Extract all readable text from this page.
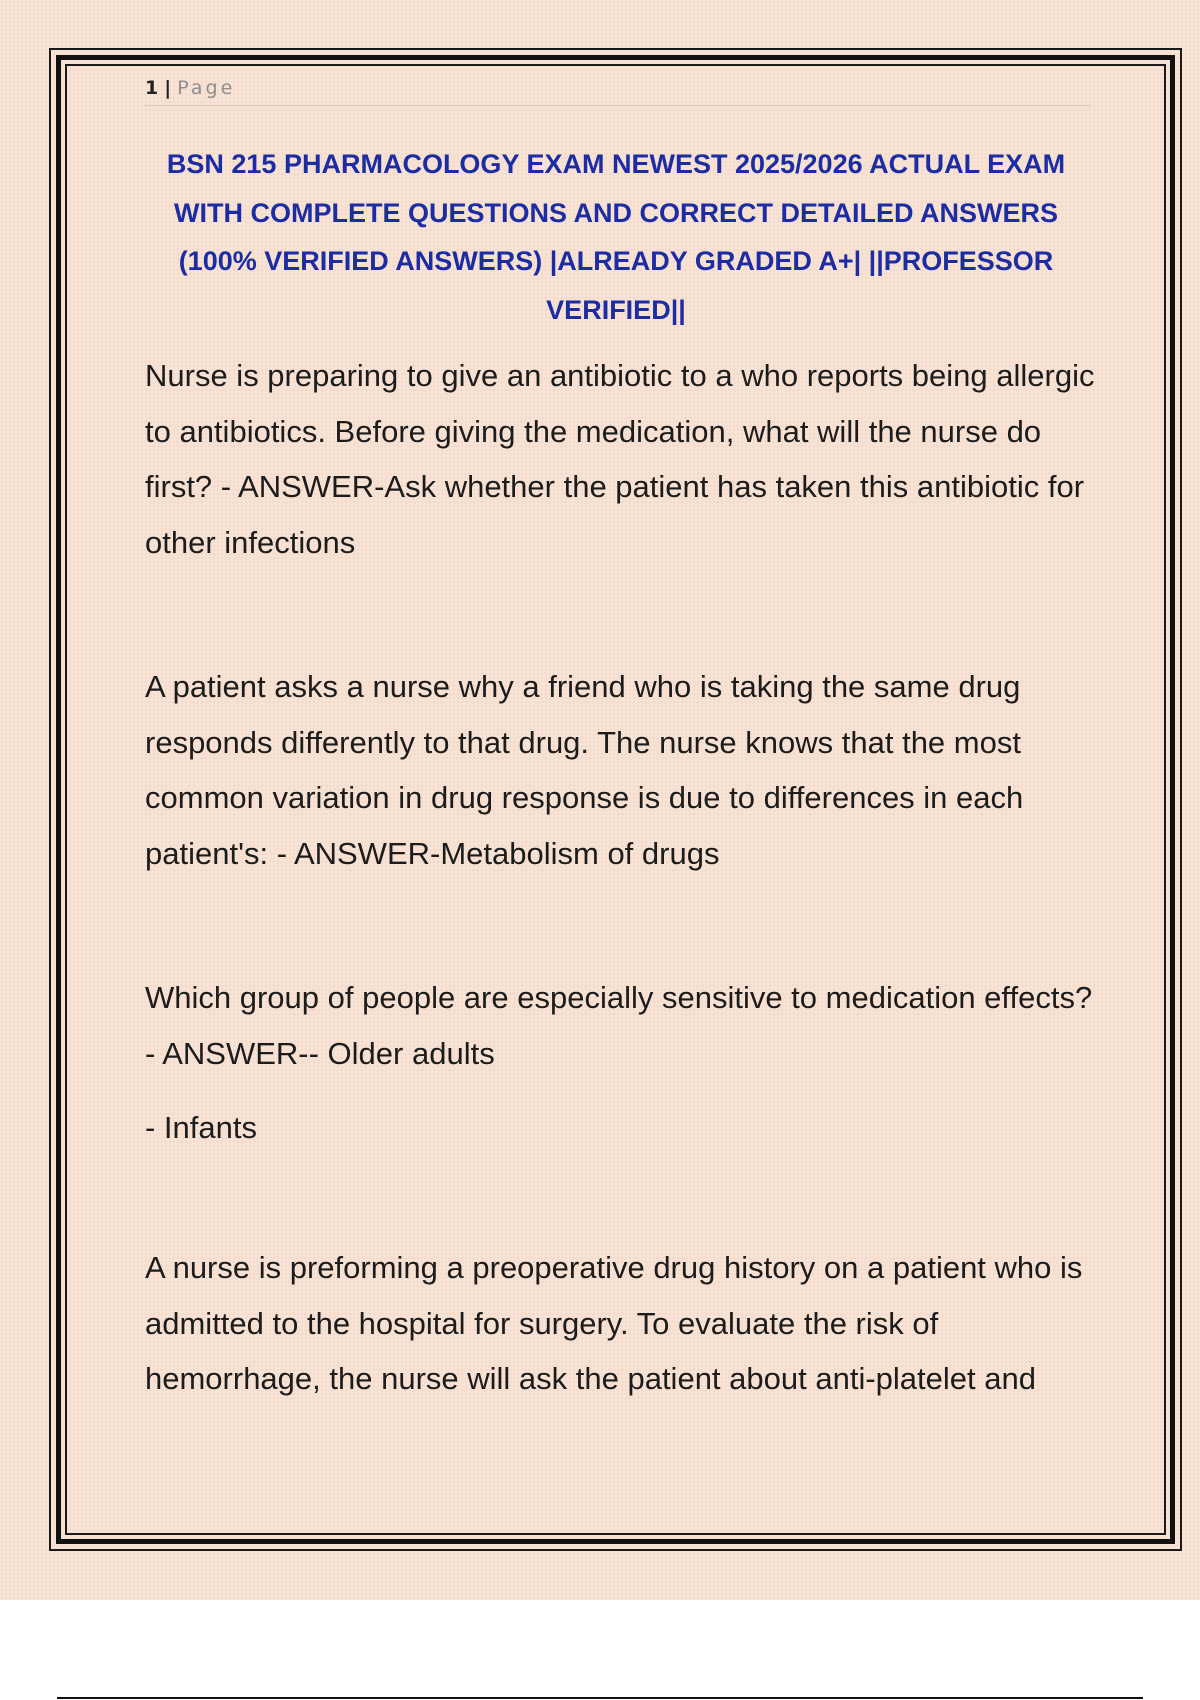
1 | Page
BSN 215 PHARMACOLOGY EXAM NEWEST 2025/2026 ACTUAL EXAM WITH COMPLETE QUESTIONS AND CORRECT DETAILED ANSWERS (100% VERIFIED ANSWERS) |ALREADY GRADED A+| ||PROFESSOR VERIFIED||

Nurse is preparing to give an antibiotic to a who reports being allergic to antibiotics. Before giving the medication, what will the nurse do first? - ANSWER-Ask whether the patient has taken this antibiotic for other infections

A patient asks a nurse why a friend who is taking the same drug responds differently to that drug. The nurse knows that the most common variation in drug response is due to differences in each patient's: - ANSWER-Metabolism of drugs

Which group of people are especially sensitive to medication effects? - ANSWER-- Older adults

- Infants

A nurse is preforming a preoperative drug history on a patient who is admitted to the hospital for surgery. To evaluate the risk of hemorrhage, the nurse will ask the patient about anti-platelet and
